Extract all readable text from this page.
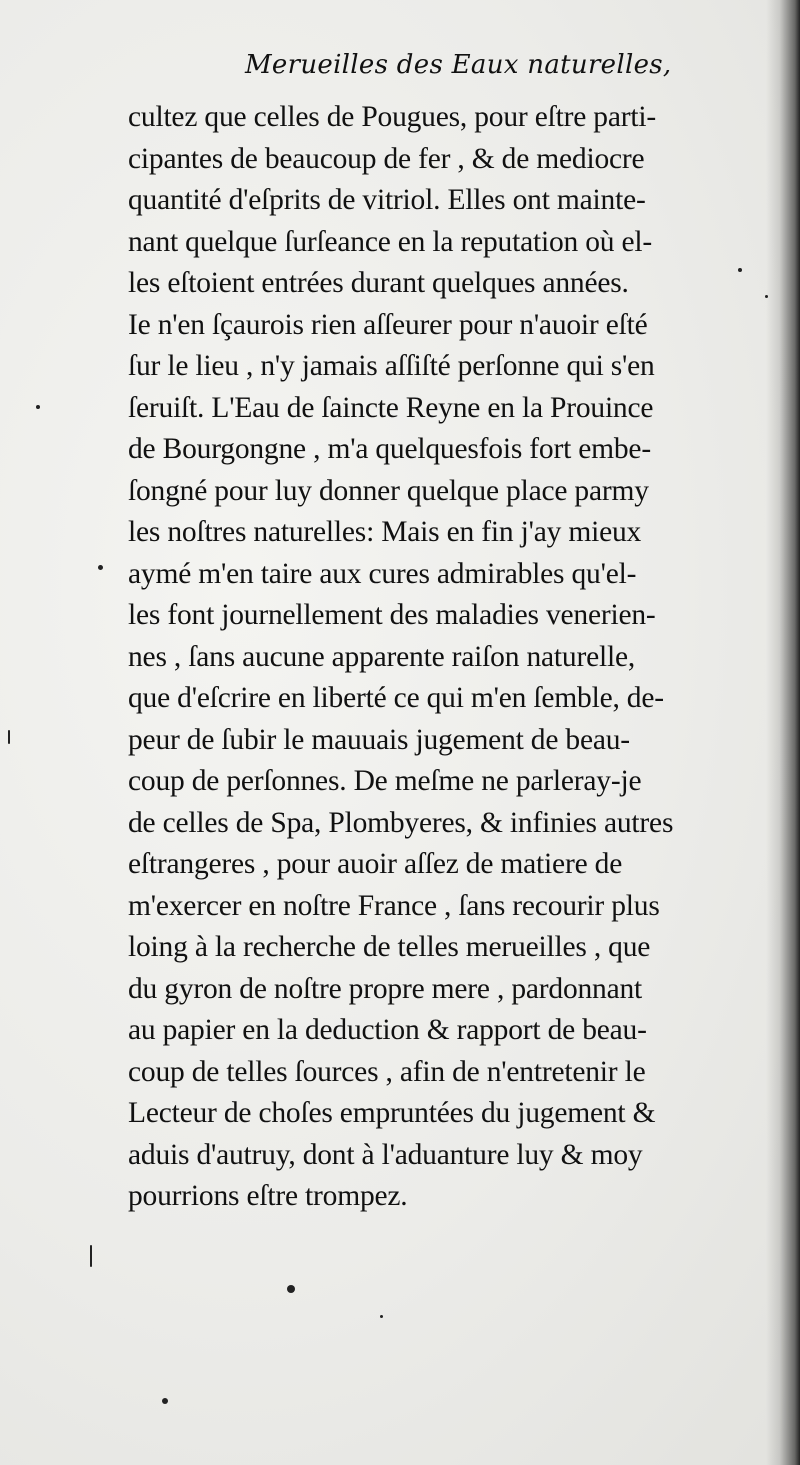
Merueilles des Eaux naturelles,
cultez que celles de Pougues, pour eſtre parti-
cipantes de beaucoup de fer , & de mediocre
quantité d'eſprits de vitriol. Elles ont mainte-
nant quelque ſurſeance en la reputation où el-
les eſtoient entrées durant quelques années.
Ie n'en ſçaurois rien aſſeurer pour n'auoir eſté
ſur le lieu , n'y jamais aſſiſté perſonne qui s'en
ſeruiſt. L'Eau de ſaincte Reyne en la Prouince
de Bourgongne , m'a quelquesfois fort embe-
ſongné pour luy donner quelque place parmy
les noſtres naturelles: Mais en fin j'ay mieux
aymé m'en taire aux cures admirables qu'el-
les font journellement des maladies venerien-
nes , ſans aucune apparente raiſon naturelle,
que d'eſcrire en liberté ce qui m'en ſemble, de-
peur de ſubir le mauuais jugement de beau-
coup de perſonnes. De meſme ne parleray-je
de celles de Spa, Plombyeres, & infinies autres
eſtrangeres , pour auoir aſſez de matiere de
m'exercer en noſtre France , ſans recourir plus
loing à la recherche de telles merueilles , que
du gyron de noſtre propre mere , pardonnant
au papier en la deduction & rapport de beau-
coup de telles ſources , afin de n'entretenir le
Lecteur de choſes empruntées du jugement &
aduis d'autruy, dont à l'aduanture luy & moy
pourrions eſtre trompez.
